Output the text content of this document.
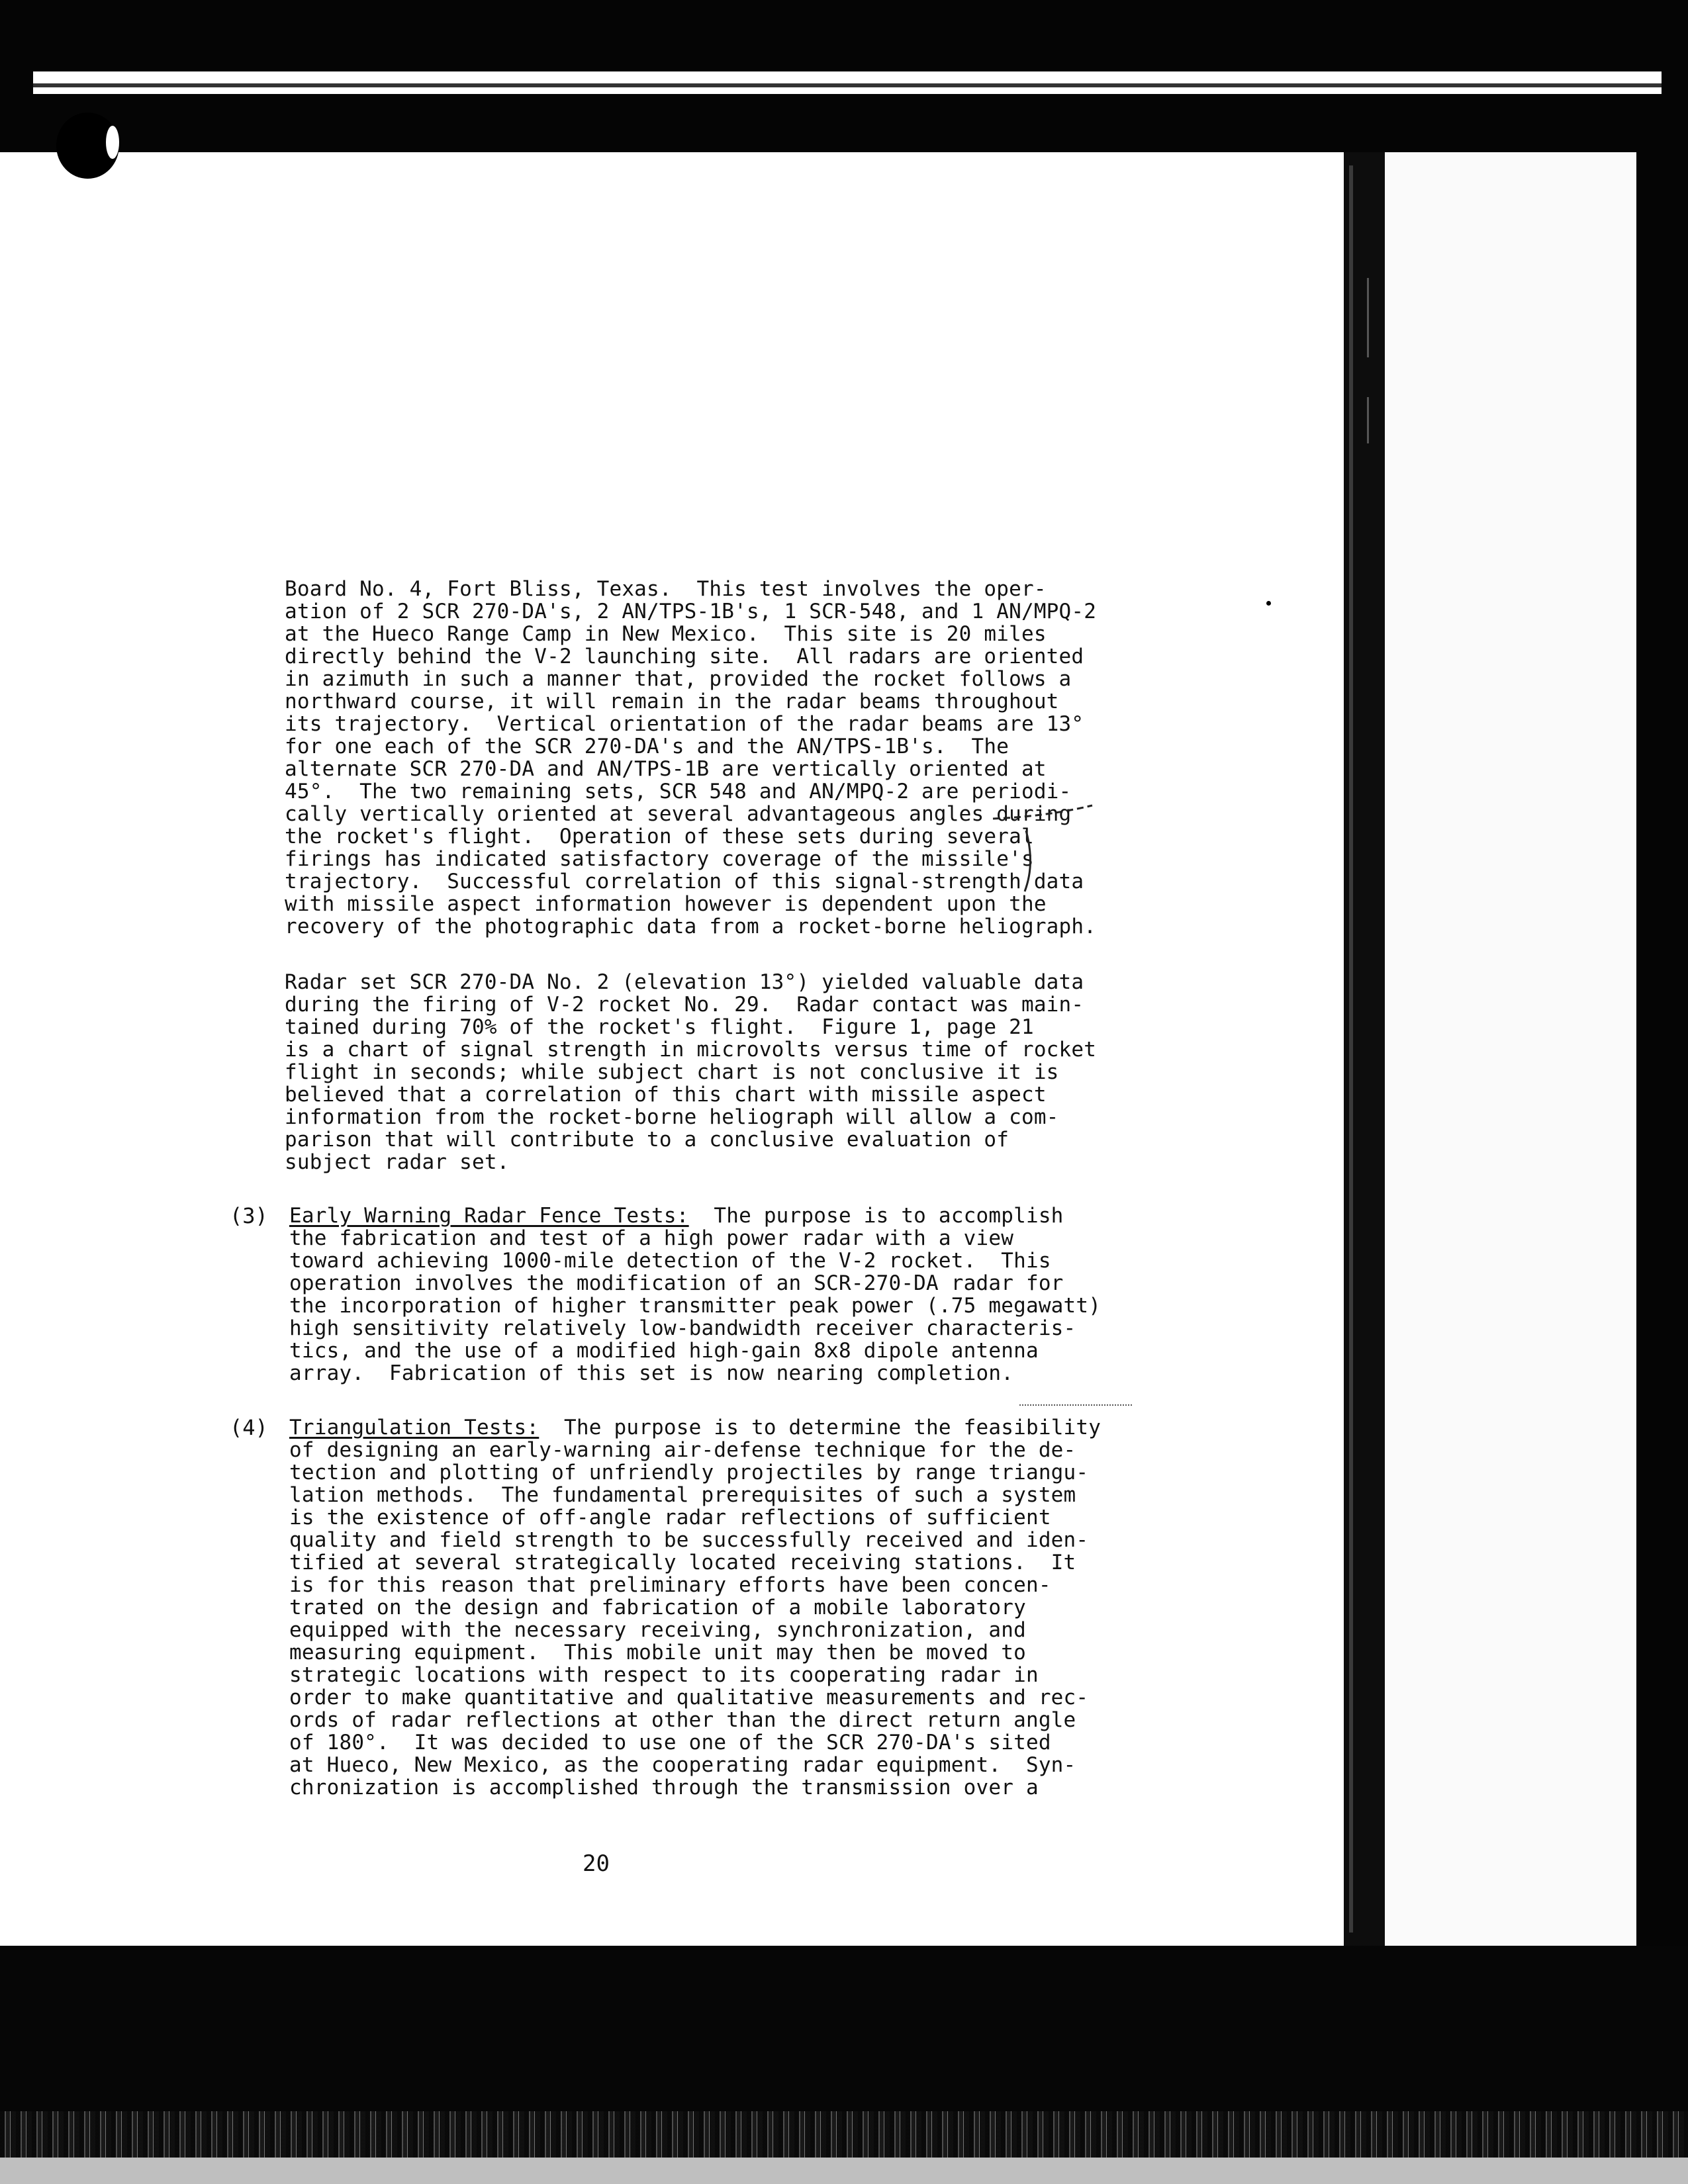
Board No. 4, Fort Bliss, Texas.  This test involves the oper-
ation of 2 SCR 270-DA's, 2 AN/TPS-1B's, 1 SCR-548, and 1 AN/MPQ-2
at the Hueco Range Camp in New Mexico.  This site is 20 miles
directly behind the V-2 launching site.  All radars are oriented
in azimuth in such a manner that, provided the rocket follows a
northward course, it will remain in the radar beams throughout
its trajectory.  Vertical orientation of the radar beams are 13°
for one each of the SCR 270-DA's and the AN/TPS-1B's.  The
alternate SCR 270-DA and AN/TPS-1B are vertically oriented at
45°.  The two remaining sets, SCR 548 and AN/MPQ-2 are periodi-
cally vertically oriented at several advantageous angles during
the rocket's flight.  Operation of these sets during several
firings has indicated satisfactory coverage of the missile's
trajectory.  Successful correlation of this signal-strength data
with missile aspect information however is dependent upon the
recovery of the photographic data from a rocket-borne heliograph.
Radar set SCR 270-DA No. 2 (elevation 13°) yielded valuable data
during the firing of V-2 rocket No. 29.  Radar contact was main-
tained during 70% of the rocket's flight.  Figure 1, page 21
is a chart of signal strength in microvolts versus time of rocket
flight in seconds; while subject chart is not conclusive it is
believed that a correlation of this chart with missile aspect
information from the rocket-borne heliograph will allow a com-
parison that will contribute to a conclusive evaluation of
subject radar set.
(3) Early Warning Radar Fence Tests:  The purpose is to accomplish
the fabrication and test of a high power radar with a view
toward achieving 1000-mile detection of the V-2 rocket.  This
operation involves the modification of an SCR-270-DA radar for
the incorporation of higher transmitter peak power (.75 megawatt)
high sensitivity relatively low-bandwidth receiver characteris-
tics, and the use of a modified high-gain 8x8 dipole antenna
array.  Fabrication of this set is now nearing completion.
(4) Triangulation Tests:  The purpose is to determine the feasibility
of designing an early-warning air-defense technique for the de-
tection and plotting of unfriendly projectiles by range triangu-
lation methods.  The fundamental prerequisites of such a system
is the existence of off-angle radar reflections of sufficient
quality and field strength to be successfully received and iden-
tified at several strategically located receiving stations.  It
is for this reason that preliminary efforts have been concen-
trated on the design and fabrication of a mobile laboratory
equipped with the necessary receiving, synchronization, and
measuring equipment.  This mobile unit may then be moved to
strategic locations with respect to its cooperating radar in
order to make quantitative and qualitative measurements and rec-
ords of radar reflections at other than the direct return angle
of 180°.  It was decided to use one of the SCR 270-DA's sited
at Hueco, New Mexico, as the cooperating radar equipment.  Syn-
chronization is accomplished through the transmission over a
20
